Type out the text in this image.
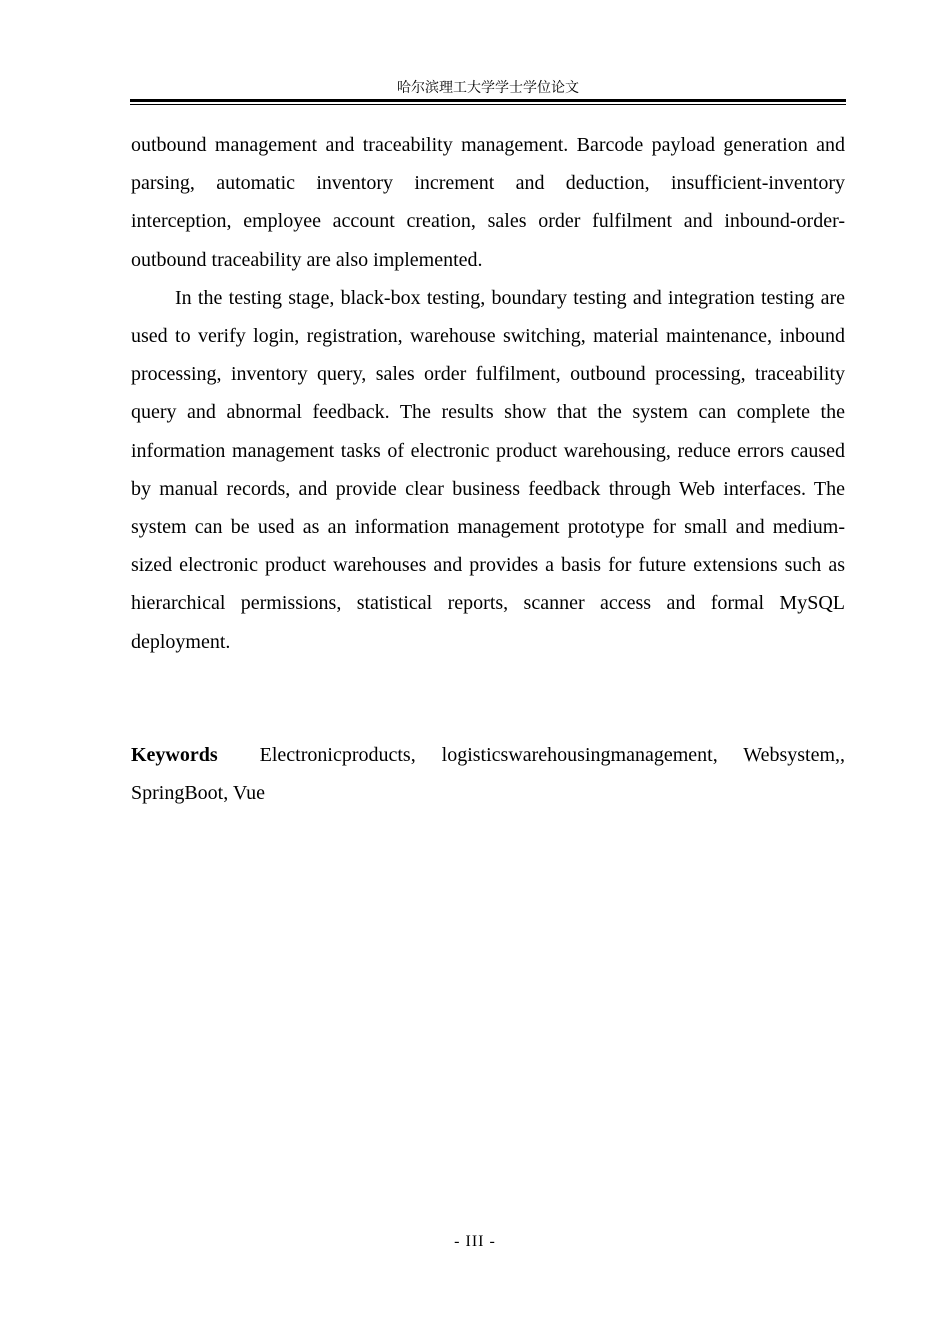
哈尔滨理工大学学士学位论文

outbound management and traceability management. Barcode payload generation and parsing, automatic inventory increment and deduction, insufficient-inventory interception, employee account creation, sales order fulfilment and inbound-order-outbound traceability are also implemented.

In the testing stage, black-box testing, boundary testing and integration testing are used to verify login, registration, warehouse switching, material maintenance, inbound processing, inventory query, sales order fulfilment, outbound processing, traceability query and abnormal feedback. The results show that the system can complete the information management tasks of electronic product warehousing, reduce errors caused by manual records, and provide clear business feedback through Web interfaces. The system can be used as an information management prototype for small and medium-sized electronic product warehouses and provides a basis for future extensions such as hierarchical permissions, statistical reports, scanner access and formal MySQL deployment.

Keywords Electronicproducts, logisticswarehousingmanagement, Websystem,, SpringBoot, Vue
- III -
